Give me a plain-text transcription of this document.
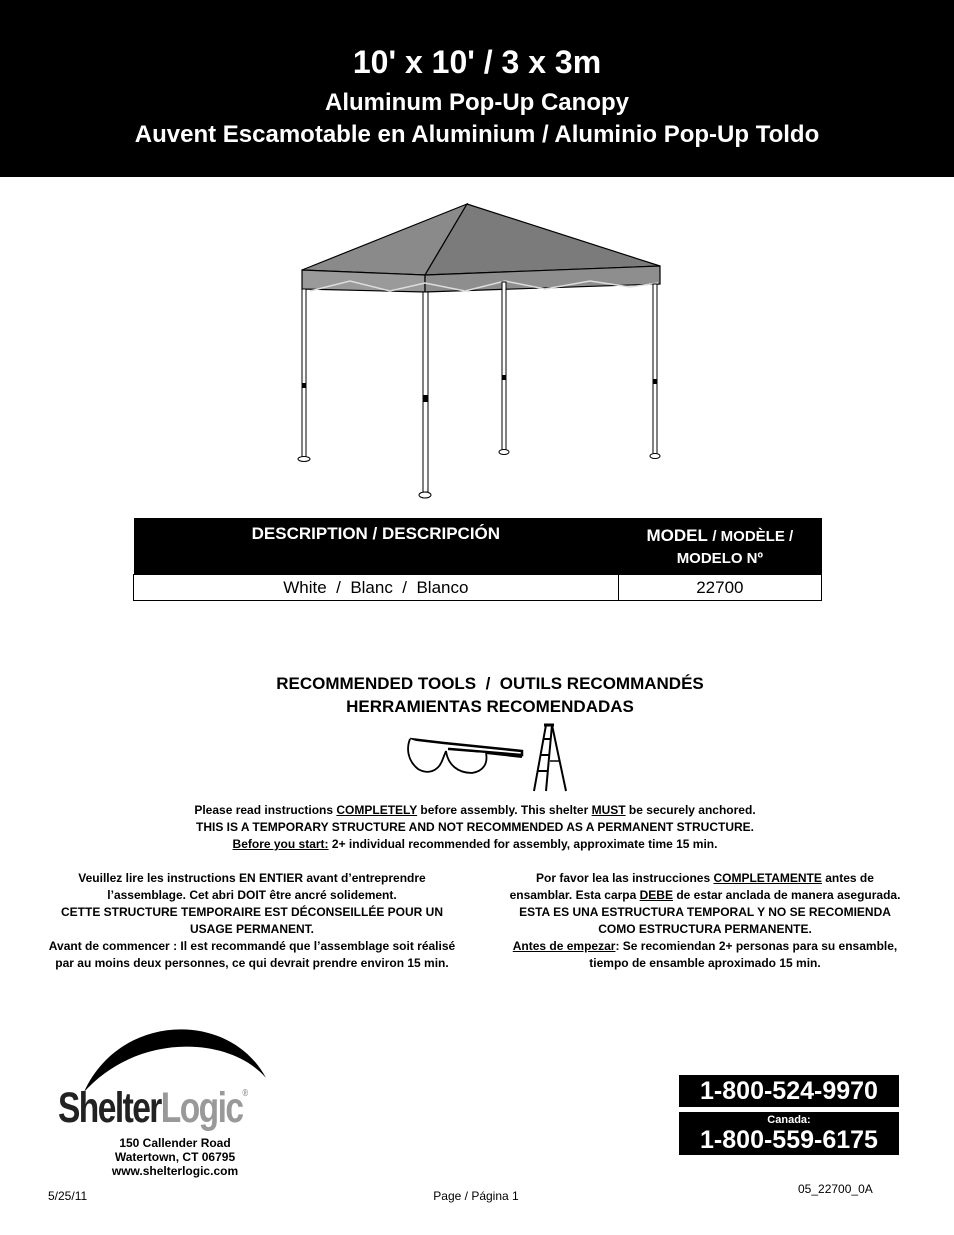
10' x 10' / 3 x 3m
Aluminum Pop-Up Canopy
Auvent Escamotable en Aluminium / Aluminio Pop-Up Toldo
DESCRIPTION / DESCRIPCIÓN	MODEL / MODÈLE /
MODELO Nº
White  /  Blanc  /  Blanco	22700
RECOMMENDED TOOLS  /  OUTILS RECOMMANDÉS
HERRAMIENTAS RECOMENDADAS
Please read instructions COMPLETELY before assembly. This shelter MUST be securely anchored.
THIS IS A TEMPORARY STRUCTURE AND NOT RECOMMENDED AS A PERMANENT STRUCTURE.
Before you start: 2+ individual recommended for assembly, approximate time 15 min.
Veuillez lire les instructions EN ENTIER avant d’entreprendre
l’assemblage. Cet abri DOIT être ancré solidement.
CETTE STRUCTURE TEMPORAIRE EST DÉCONSEILLÉE POUR UN
USAGE PERMANENT.
Avant de commencer : Il est recommandé que l’assemblage soit réalisé
par au moins deux personnes, ce qui devrait prendre environ 15 min.
Por favor lea las instrucciones COMPLETAMENTE antes de
ensamblar. Esta carpa DEBE de estar anclada de manera asegurada.
ESTA ES UNA ESTRUCTURA TEMPORAL Y NO SE RECOMIENDA
COMO ESTRUCTURA PERMANENTE.
Antes de empezar: Se recomiendan 2+ personas para su ensamble,
tiempo de ensamble aproximado 15 min.
ShelterLogic®
150 Callender Road
Watertown, CT 06795
www.shelterlogic.com
1-800-524-9970
Canada:
1-800-559-6175
5/25/11	Page / Página 1	05_22700_0A
